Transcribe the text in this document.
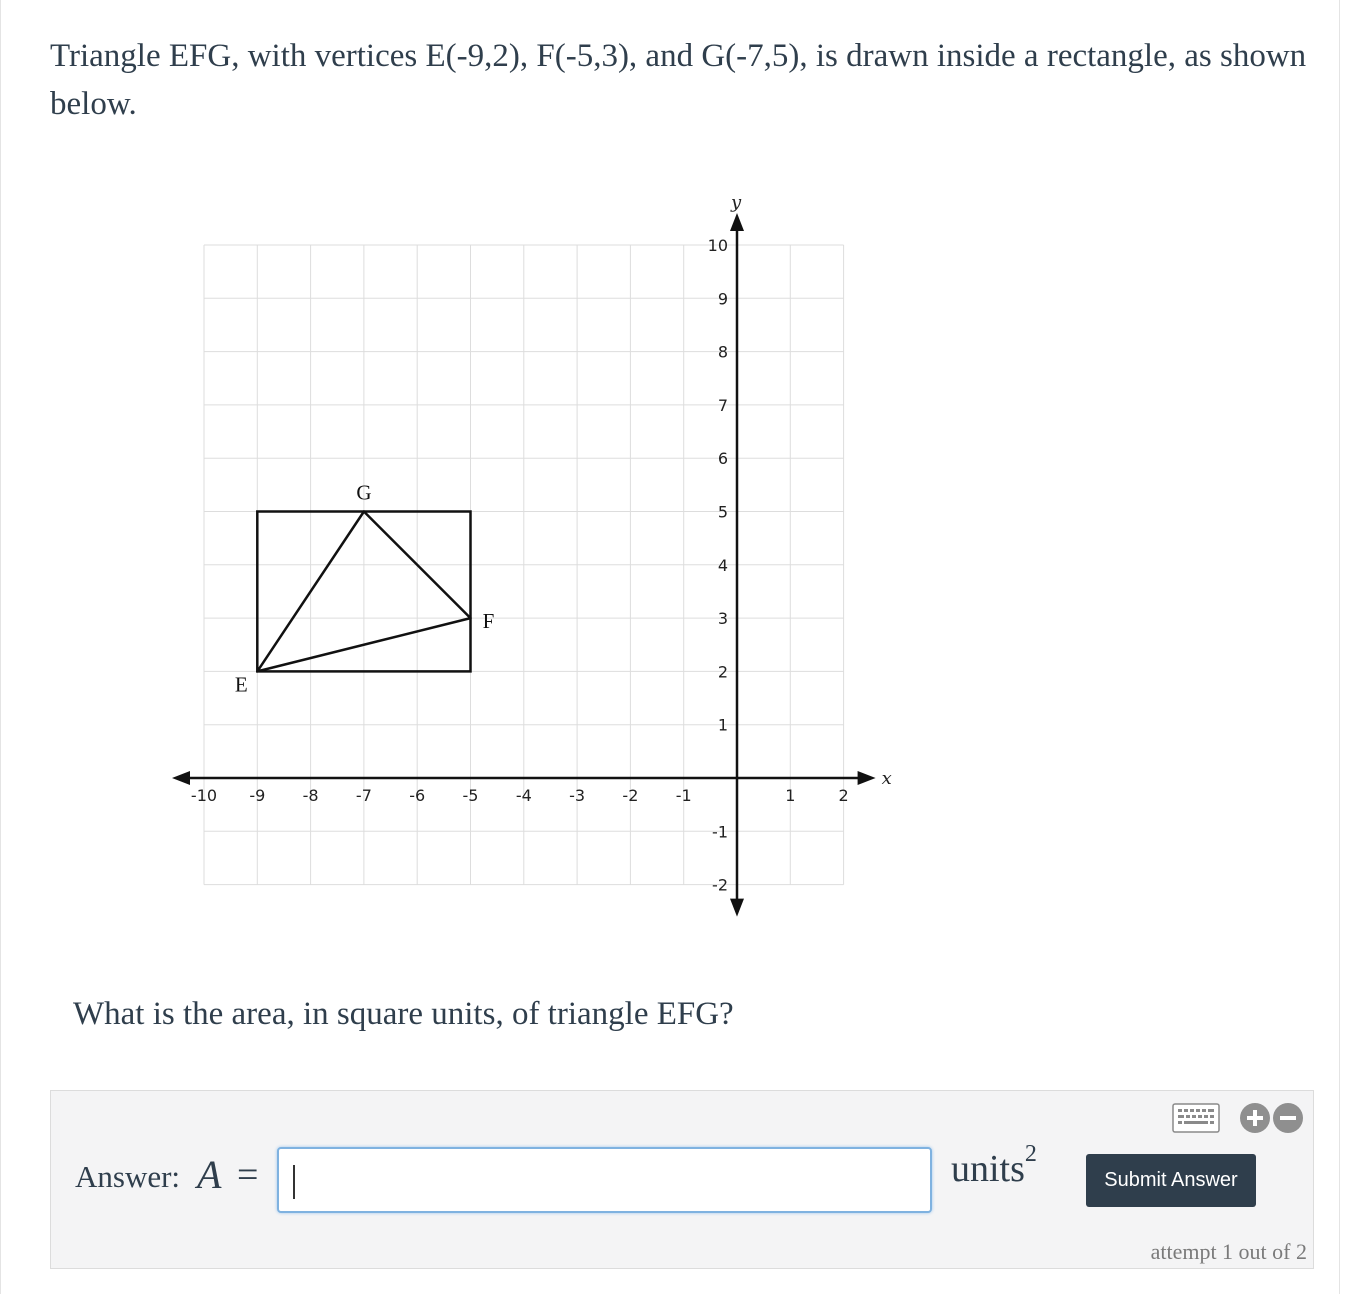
Triangle EFG, with vertices E(-9,2), F(-5,3), and G(-7,5), is drawn inside a rectangle, as shown below.
x
y
-10 -9 -8 -7 -6 -5 -4 -3 -2 -1	1	2
10
9
8
7
6
5
4
3
2
1
-1
-2
E
F
G
What is the area, in square units, of triangle EFG?
Answer: A =	units$^2$
Submit Answer
attempt 1 out of 2
